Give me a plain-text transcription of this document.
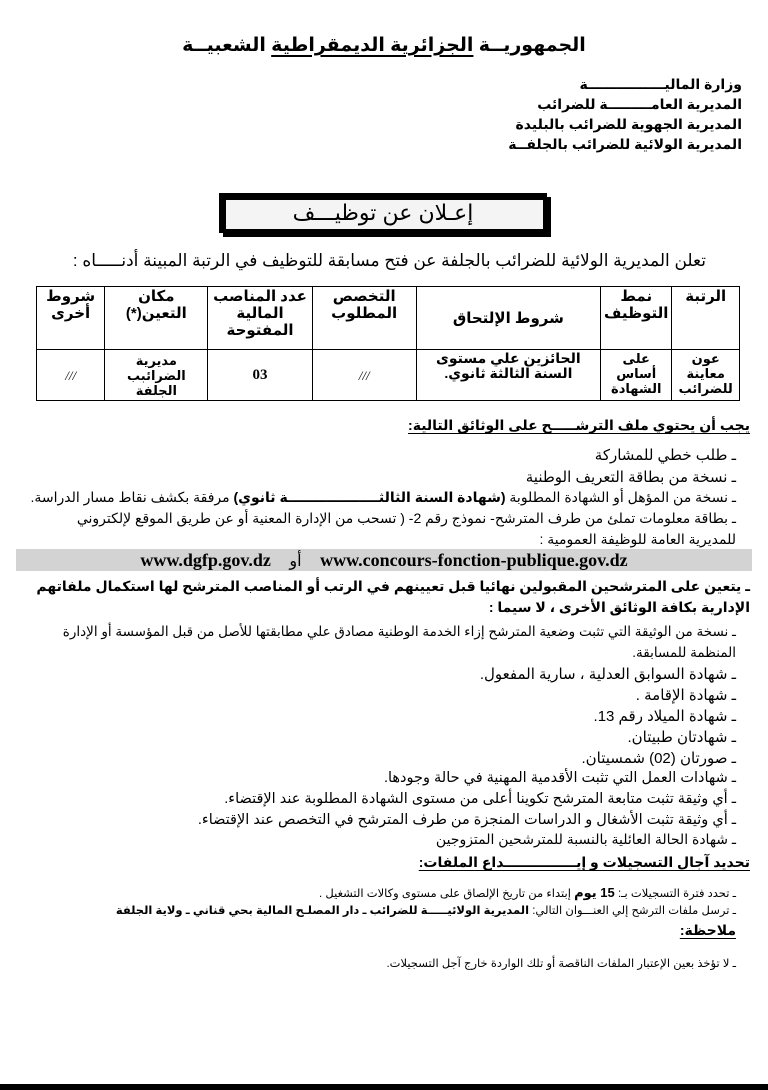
الجمهوريــة الجزائرية الديمقراطية الشعبيــة
وزارة الماليــــــــــــــــة
المديرية العامـــــــــة للضرائب
المديرية الجهوية للضرائب بالبليدة
المديرية الولائية للضرائب بالجلفــة
إعـلان عن توظيـــف
تعلن المديرية الولائية للضرائب بالجلفة عن فتح مسابقة للتوظيف في الرتبة المبينة أدنـــــاه :
الرتبة	نمط التوظيف	شروط الإلتحاق	التخصص المطلوب	عدد المناصب المالية المفتوحة	مكان التعين(*)	شروط أخرى
عون معاينة للضرائب	على أساس الشهادة	الحائزين علي مستوى السنة الثالثة ثانوي.	///	03	مديرية الضرائبب الجلفة	///
يجب أن يحتوي ملف الترشـــــح على الوثائق التالية:
ـ طلب خطي للمشاركة
ـ نسخة من بطاقة التعريف الوطنية
ـ نسخة من المؤهل أو الشهادة المطلوبة (شهادة السنة الثالثـــــــــــــــــــة ثانوي) مرفقة بكشف نقاط مسار الدراسة.
ـ بطاقة معلومات تملئ من طرف المترشح- نموذج رقم 2- ( تسحب من الإدارة المعنية أو عن طريق الموقع لإلكتروني للمديرية العامة للوظيفة العمومية :
www.dgfp.gov.dz أو www.concours-fonction-publique.gov.dz
ـ يتعين على المترشحين المقبولين نهائيا قبل تعيينهم في الرتب أو المناصب المترشح لها استكمال ملفاتهم الإدارية بكافة الوثائق الأخرى ، لا سيما :
ـ نسخة من الوثيقة التي تثبت وضعية المترشح إزاء الخدمة الوطنية مصادق علي مطابقتها للأصل من قبل المؤسسة أو الإدارة المنظمة للمسابقة.
ـ شهادة السوابق العدلية ، سارية المفعول.
ـ شهادة الإقامة .
ـ شهادة الميلاد رقم 13.
ـ شهادتان طبيتان.
ـ صورتان (02) شمسيتان.
ـ شهادات العمل التي تثبت الأقدمية المهنية في حالة وجودها.
ـ أي وثيقة تثبت متابعة المترشح تكوينا أعلى من مستوى الشهادة المطلوبة عند الإقتضاء.
ـ أي وثيقة تثبت الأشغال و الدراسات المنجزة من طرف المترشح في التخصص عند الإقتضاء.
ـ شهادة الحالة العائلية بالنسبة للمترشحين المتزوجين
تحديد آجال التسجيلات و إيـــــــــــــــداع الملفات:
ـ تحدد فترة التسجيلات بـ: 15 يوم إبتداء من تاريخ الإلصاق على مستوى وكالات التشغيل .
ـ ترسل ملفات الترشح إلي العنـــوان التالي: المديرية الولائيـــــة للضرائب ـ دار المصلـح المالية بحي قناني ـ ولاية الجلفة
ملاحظة:
ـ لا تؤخذ بعين الإعتبار الملفات الناقصة أو تلك الواردة خارج آجل التسجيلات.
